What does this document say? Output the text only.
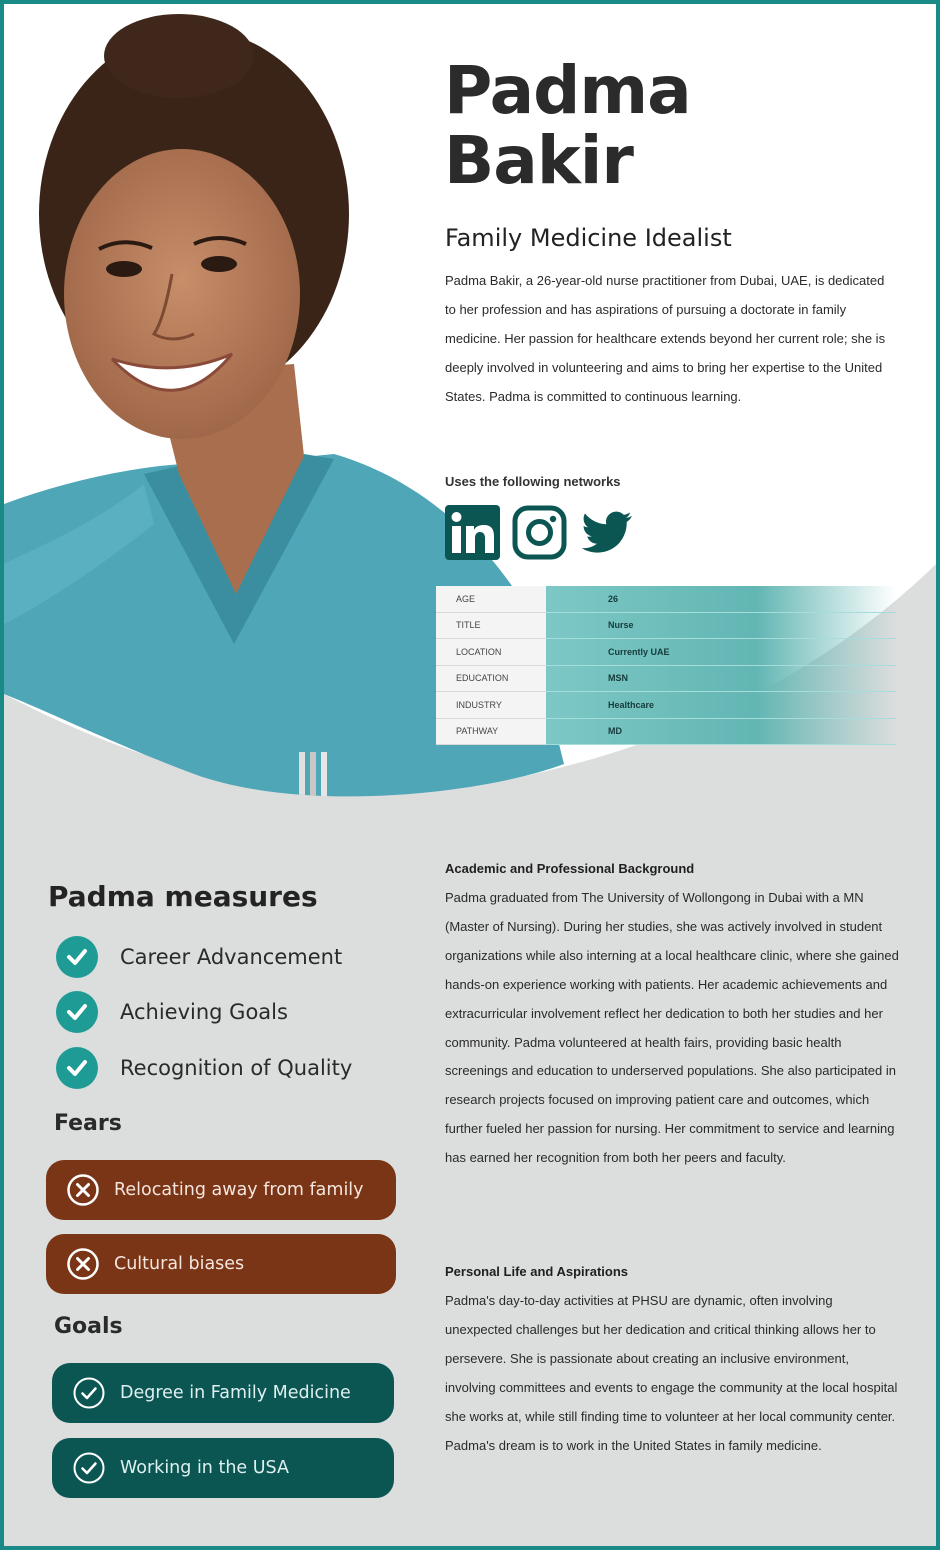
Padma
Bakir
Family Medicine Idealist

Padma Bakir, a 26-year-old nurse practitioner from Dubai, UAE, is dedicated to her profession and has aspirations of pursuing a doctorate in family medicine. Her passion for healthcare extends beyond her current role; she is deeply involved in volunteering and aims to bring her expertise to the United States. Padma is committed to continuous learning.

Uses the following networks
AGE	26
TITLE	Nurse
LOCATION	Currently UAE
EDUCATION	MSN
INDUSTRY	Healthcare
PATHWAY	MD
Padma measures
Career Advancement
Achieving Goals
Recognition of Quality
Fears
Relocating away from family
Cultural biases
Goals
Degree in Family Medicine
Working in the USA
Academic and Professional Background

Padma graduated from The University of Wollongong in Dubai with a MN (Master of Nursing). During her studies, she was actively involved in student organizations while also interning at a local healthcare clinic, where she gained hands-on experience working with patients. Her academic achievements and extracurricular involvement reflect her dedication to both her studies and her community. Padma volunteered at health fairs, providing basic health screenings and education to underserved populations. She also participated in research projects focused on improving patient care and outcomes, which further fueled her passion for nursing. Her commitment to service and learning has earned her recognition from both her peers and faculty.

Personal Life and Aspirations

Padma's day-to-day activities at PHSU are dynamic, often involving unexpected challenges but her dedication and critical thinking allows her to persevere. She is passionate about creating an inclusive environment, involving committees and events to engage the community at the local hospital she works at, while still finding time to volunteer at her local community center. Padma's dream is to work in the United States in family medicine.
